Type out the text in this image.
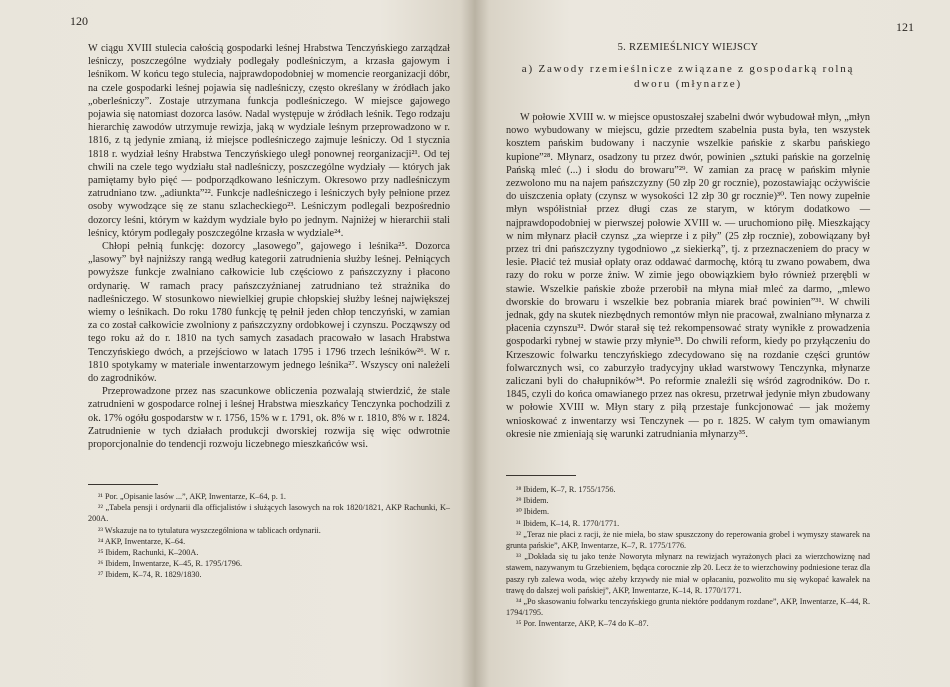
120

W ciągu XVIII stulecia całością gospodarki leśnej Hrabstwa Tenczyńskiego zarządzał leśniczy, poszczególne wydziały podlegały podleśniczym, a krzasła gajowym i leśnikom. W końcu tego stulecia, najprawdopodobniej w momencie reorganizacji dóbr, na czele gospodarki leśnej pojawia się nadleśniczy, często określany w źródłach jako „oberleśniczy”. Zostaje utrzymana funkcja podleśniczego. W miejsce gajowego pojawia się natomiast dozorca lasów. Nadal występuje w źródłach leśnik. Tego rodzaju hierarchię zawodów utrzymuje rewizja, jaką w wydziale leśnym przeprowadzono w r. 1816, z tą jedynie zmianą, iż miejsce podleśniczego zajmuje leśniczy. Od 1 stycznia 1818 r. wydział leśny Hrabstwa Tenczyńskiego uległ ponownej reorganizacji²¹. Od tej chwili na czele tego wydziału stał nadleśniczy, poszczególne wydziały — których jak pamiętamy było pięć — podporządkowano leśniczym. Okresowo przy nadleśniczym zatrudniano tzw. „adiunkta”²². Funkcje nadleśniczego i leśniczych były pełnione przez osoby wywodzące się ze stanu szlacheckiego²³. Leśniczym podlegali bezpośrednio dozorcy leśni, którym w każdym wydziale było po jednym. Najniżej w hierarchii stali leśnicy, którym podlegały poszczególne krzasła w wydziale²⁴.

Chłopi pełnią funkcję: dozorcy „lasowego”, gajowego i leśnika²⁵. Dozorca „lasowy” był najniższy rangą według kategorii zatrudnienia służby leśnej. Pełniących powyższe funkcje zwalniano całkowicie lub częściowo z pańszczyzny i płacono ordynarię. W ramach pracy pańszczyźnianej zatrudniano też strażnika do nadleśniczego. W stosunkowo niewielkiej grupie chłopskiej służby leśnej największej wiemy o leśnikach. Do roku 1780 funkcję tę pełnił jeden chłop tenczyński, w zamian za co został całkowicie zwolniony z pańszczyzny ordobkowej i czynszu. Począwszy od tego roku aż do r. 1810 na tych samych zasadach pracowało w lasach Hrabstwa Tenczyńskiego dwóch, a przejściowo w latach 1795 i 1796 trzech leśników²⁶. W r. 1810 spotykamy w materiale inwentarzowym jednego leśnika²⁷. Wszyscy oni należeli do zagrodników.

Przeprowadzone przez nas szacunkowe obliczenia pozwalają stwierdzić, że stale zatrudnieni w gospodarce rolnej i leśnej Hrabstwa mieszkańcy Tenczynka pochodzili z ok. 17% ogółu gospodarstw w r. 1756, 15% w r. 1791, ok. 8% w r. 1810, 8% w r. 1824. Zatrudnienie w tych działach produkcji dworskiej rozwija się więc odwrotnie proporcjonalnie do tendencji rozwoju liczebnego mieszkańców wsi.

²¹ Por. „Opisanie lasów ...”, AKP, Inwentarze, K–64, p. 1.
²² „Tabela pensji i ordynarii dla officjalistów i służących lasowych na rok 1820/1821, AKP Rachunki, K–200A.
²³ Wskazuje na to tytulatura wyszczególniona w tablicach ordynarii.
²⁴ AKP, Inwentarze, K–64.
²⁵ Ibidem, Rachunki, K–200A.
²⁶ Ibidem, Inwentarze, K–45, R. 1795/1796.
²⁷ Ibidem, K–74, R. 1829/1830.
121
5. RZEMIEŚLNICY WIEJSCY
a) Zawody rzemieślnicze związane z gospodarką rolną dworu (młynarze)

W połowie XVIII w. w miejsce opustoszałej szabelni dwór wybudował młyn, „młyn nowo wybudowany w miejscu, gdzie przedtem szabelnia pusta była, ten wszystek kosztem pańskim budowany i naczynie wszelkie pańskie z skarbu pańskiego kupione”²⁸. Młynarz, osadzony tu przez dwór, powinien „sztuki pańskie na gorzelnię Pańską mleć (...) i słodu do browaru”²⁹. W zamian za pracę w pańskim młynie zezwolono mu na najem pańszczyzny (50 złp 20 gr rocznie), pozostawiając ocżywiście do uiszczenia opłaty (czynsz w wysokości 12 złp 30 gr rocznie)³⁰. Ten nowy zupełnie młyn współistniał przez długi czas ze starym, w którym dodatkowo — najprawdopodobniej w pierwszej połowie XVIII w. — uruchomiono piłę. Mieszkający w nim młynarz płacił czynsz „za wieprze i z piły” (25 złp rocznie), zobowiązany był przez tri dni pańszczyzny tygodniowo „z siekierką”, tj. z przeznaczeniem do pracy w lesie. Płacić też musiał opłaty oraz oddawać darmochę, którą tu zwano powabem, dwa razy do roku w porze żniw. W zimie jego obowiązkiem było również przerębli w stawie. Wszelkie pańskie zboże przerobił na młyna miał mleć za darmo, „mlewo dworskie do browaru i wszelkie bez pobrania miarek brać powinien”³¹. W chwili jednak, gdy na skutek niezbędnych remontów młyn nie pracował, zwalniano młynarza z płacenia czynszu³². Dwór starał się też rekompensować straty wynikłe z prowadzenia gospodarki rybnej w stawie przy młynie³³. Do chwili reform, kiedy po przyłączeniu do Krzeszowic folwarku tenczyńskiego zdecydowano się na rozdanie części gruntów folwarcznych wsi, co zaburzyło tradycyjny układ warstwowy Tenczynka, młynarze zaliczani byli do chałupników³⁴. Po reformie znaleźli się wśród zagrodników. Do r. 1845, czyli do końca omawianego przez nas okresu, przetrwał jedynie młyn zbudowany w połowie XVIII w. Młyn stary z piłą przestaje funkcjonować — jak możemy wnioskować z inwentarzy wsi Tenczynek — po r. 1825. W całym tym omawianym okresie nie zmieniają się warunki zatrudniania młynarzy³⁵.

²⁸ Ibidem, K–7, R. 1755/1756.
²⁹ Ibidem.
³⁰ Ibidem.
³¹ Ibidem, K–14, R. 1770/1771.
³² „Teraz nie płaci z racji, że nie mieła, bo staw spuszczony do reperowania grobel i wymyszy stawarek na grunta pańskie”, AKP, Inwentarze, K–7, R. 1775/1776.
³³ „Dokłada się tu jako tenże Noworyta młynarz na rewizjach wyrażonych płaci za wierzchowiznę nad stawem, nazywanym tu Grzebieniem, będąca corocznie złp 20. Lecz że to wierzchowiny podniesione teraz dla paszy ryb zalewa woda, więc ażeby krzywdy nie miał w opłacaniu, pozwolito mu się wykopać kawałek na trawę do dalszej woli pańskiej”, AKP, Inwentarze, K–14, R. 1770/1771.
³⁴ „Po skasowaniu folwarku tenczyńskiego grunta niektóre poddanym rozdane”, AKP, Inwentarze, K–44, R. 1794/1795.
³⁵ Por. Inwentarze, AKP, K–74 do K–87.
